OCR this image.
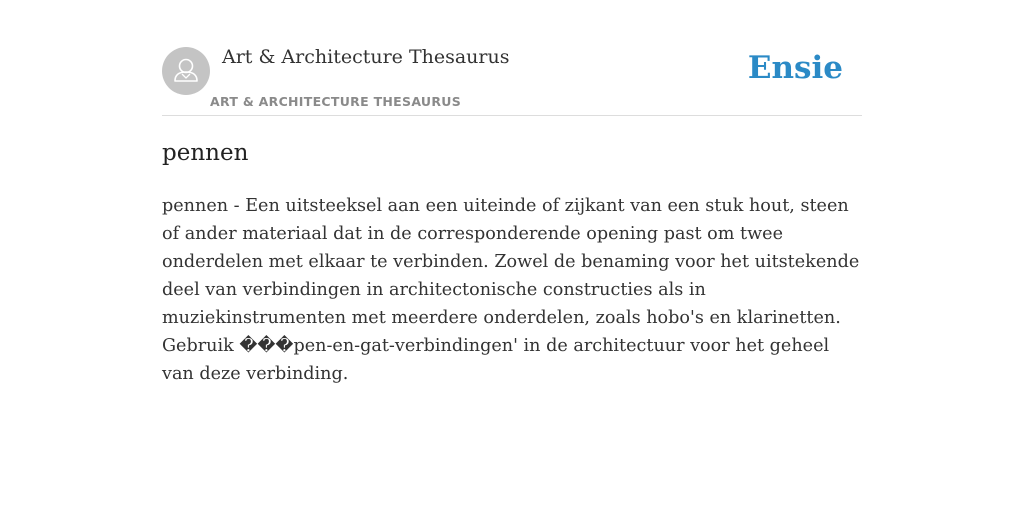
Art & Architecture Thesaurus
ART & ARCHITECTURE THESAURUS
Ensie
pennen

pennen - Een uitsteeksel aan een uiteinde of zijkant van een stuk hout, steen of ander materiaal dat in de corresponderende opening past om twee onderdelen met elkaar te verbinden. Zowel de benaming voor het uitstekende deel van verbindingen in architectonische constructies als in muziekinstrumenten met meerdere onderdelen, zoals hobo's en klarinetten. Gebruik ���pen-en-gat-verbindingen' in de architectuur voor het geheel van deze verbinding.
